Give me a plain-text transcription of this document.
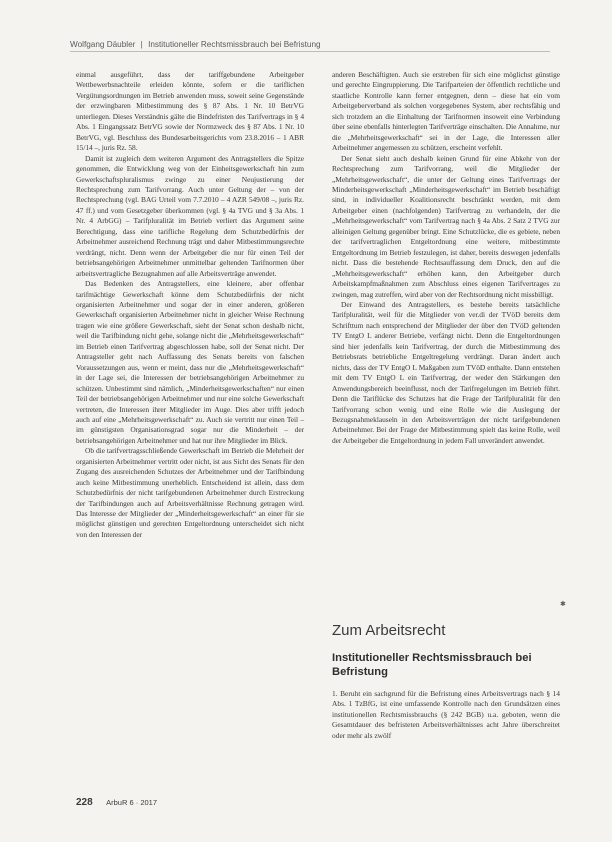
Wolfgang Däubler | Institutioneller Rechtsmissbrauch bei Befristung

einmal ausgeführt, dass der tariffgebundene Arbeitgeber Wettbewerbsnachteile erleiden könnte, sofern er die tariflichen Vergütungsordnungen im Betrieb anwenden muss, soweit seine Gegenstände der erzwingbaren Mitbestimmung des § 87 Abs. 1 Nr. 10 BetrVG unterliegen. Dieses Verständnis gälte die Bindefristen des Tarifvertrags in § 4 Abs. 1 Eingangssatz BetrVG sowie der Normzweck des § 87 Abs. 1 Nr. 10 BetrVG, vgl. Beschluss des Bundesarbeitsgerichts vom 23.8.2016 – 1 ABR 15/14 –, juris Rz. 58.

Damit ist zugleich dem weiteren Argument des Antragstellers die Spitze genommen, die Entwicklung weg von der Einheitsgewerkschaft hin zum Gewerkschaftspluralismus zwinge zu einer Neujustierung der Rechtsprechung zum Tarifvorrang. Auch unter Geltung der – von der Rechtsprechung (vgl. BAG Urteil vom 7.7.2010 – 4 AZR 549/08 –, juris Rz. 47 ff.) und vom Gesetzgeber überkommen (vgl. § 4a TVG und § 3a Abs. 1 Nr. 4 ArbGG) – Tarifpluralität im Betrieb verliert das Argument seine Berechtigung, dass eine tarifliche Regelung dem Schutzbedürfnis der Arbeitnehmer ausreichend Rechnung trägt und daher Mitbestimmungsrechte verdrängt, nicht. Denn wenn der Arbeitgeber die nur für einen Teil der betriebsangehörigen Arbeitnehmer unmittelbar geltenden Tarifnormen über arbeitsvertragliche Bezugnahmen auf alle Arbeitsverträge anwendet.

Das Bedenken des Antragstellers, eine kleinere, aber offenbar tarifmächtige Gewerkschaft könne dem Schutzbedürfnis der nicht organisierten Arbeitnehmer und sogar der in einer anderen, größeren Gewerkschaft organisierten Arbeitnehmer nicht in gleicher Weise Rechnung tragen wie eine größere Gewerkschaft, sieht der Senat schon deshalb nicht, weil die Tarifbindung nicht gehe, solange nicht die „Mehrheitsgewerkschaft“ im Betrieb einen Tarifvertrag abgeschlossen habe, soll der Senat nicht. Der Antragsteller geht nach Auffassung des Senats bereits von falschen Voraussetzungen aus, wenn er meint, dass nur die „Mehrheitsgewerkschaft“ in der Lage sei, die Interessen der betriebsangehörigen Arbeitnehmer zu schützen. Unbestimmt sind nämlich, „Minderheitsgewerkschaften“ nur einen Teil der betriebsangehörigen Arbeitnehmer und nur eine solche Gewerkschaft vertreten, die Interessen ihrer Mitglieder im Auge. Dies aber trifft jedoch auch auf eine „Mehrheitsgewerkschaft“ zu. Auch sie vertritt nur einen Teil – im günstigsten Organisationsgrad sogar nur die Minderheit – der betriebsangehörigen Arbeitnehmer und hat nur ihre Mitglieder im Blick.

Ob die tarifvertragsschließende Gewerkschaft im Betrieb die Mehrheit der organisierten Arbeitnehmer vertritt oder nicht, ist aus Sicht des Senats für den Zugang des ausreichenden Schutzes der Arbeitnehmer und der Tarifbindung auch keine Mitbestimmung unerheblich. Entscheidend ist allein, dass dem Schutzbedürfnis der nicht tarifgebundenen Arbeitnehmer durch Erstreckung der Tarifbindungen auch auf Arbeitsverhältnisse Rechnung getragen wird. Das Interesse der Mitglieder der „Minderheitsgewerkschaft“ an einer für sie möglichst günstigen und gerechten Entgeltordnung unterscheidet sich nicht von den Interessen der

anderen Beschäftigten. Auch sie erstreben für sich eine möglichst günstige und gerechte Eingruppierung. Die Tarifparteien der öffentlich rechtliche und staatliche Kontrolle kann ferner entgegnen, denn – diese hat ein vom Arbeitgeberverband als solchen vorgegebenes System, aber rechtsfähig und sich trotzdem an die Einhaltung der Tarifnormen insoweit eine Verbindung über seine ebenfalls hinterlegten Tarifverträge einschalten. Die Annahme, nur die „Mehrheitsgewerkschaft“ sei in der Lage, die Interessen aller Arbeitnehmer angemessen zu schützen, erscheint verfehlt.

Der Senat sieht auch deshalb keinen Grund für eine Abkehr von der Rechtsprechung zum Tarifvorrang, weil die Mitglieder der „Mehrheitsgewerkschaft“, die unter der Geltung eines Tarifvertrags der Minderheitsgewerkschaft „Minderheitsgewerkschaft“ im Betrieb beschäftigt sind, in individueller Koalitionsrecht beschränkt werden, mit dem Arbeitgeber einen (nachfolgenden) Tarifvertrag zu verhandeln, der die „Mehrheitsgewerkschaft“ vom Tarifvertrag nach § 4a Abs. 2 Satz 2 TVG zur alleinigen Geltung gegenüber bringt. Eine Schutzlücke, die es gebiete, neben der tarifvertraglichen Entgeltordnung eine weitere, mitbestimmte Entgeltordnung im Betrieb festzulegen, ist daher, bereits deswegen jedenfalls nicht. Dass die bestehende Rechtsauffassung dem Druck, den auf die „Mehrheitsgewerkschaft“ erhöhen kann, den Arbeitgeber durch Arbeitskampfmaßnahmen zum Abschluss eines eigenen Tarifvertrages zu zwingen, mag zutreffen, wird aber von der Rechtsordnung nicht missbilligt.

Der Einwand des Antragstellers, es bestehe bereits tatsächliche Tarifpluralität, weil für die Mitglieder von ver.di der TVöD bereits dem Schrifttum nach entsprechend der Mitglieder der über den TVöD geltenden TV EntgO L anderer Betriebe, verfängt nicht. Denn die Entgeltordnungen sind hier jedenfalls kein Tarifvertrag, der durch die Mitbestimmung des Betriebsrats betriebliche Entgeltregelung verdrängt. Daran ändert auch nichts, dass der TV EntgO L Maßgaben zum TVöD enthalte. Dann entstehen mit dem TV EntgO L ein Tarifvertrag, der weder den Stärkungen den Anwendungsbereich beeinflusst, noch der Tarifregelungen im Betrieb führt. Denn die Tariflücke des Schutzes hat die Frage der Tarifpluralität für den Tarifvorrang schon wenig und eine Rolle wie die Auslegung der Bezugsnahmeklauseln in den Arbeitsverträgen der nicht tarifgebundenen Arbeitnehmer. Bei der Frage der Mitbestimmung spielt das keine Rolle, weil der Arbeitgeber die Entgeltordnung in jedem Fall unverändert anwendet.

✱
Zum Arbeitsrecht
Institutioneller Rechtsmissbrauch bei Befristung

1. Beruht ein sachgrund für die Befristung eines Arbeitsvertrags nach § 14 Abs. 1 TzBfG, ist eine umfassende Kontrolle nach den Grundsätzen eines institutionellen Rechtsmissbrauchs (§ 242 BGB) u.a. geboten, wenn die Gesamtdauer des befristeten Arbeitsverhältnisses acht Jahre überschreitet oder mehr als zwölf

228 ArbuR 6 · 2017
